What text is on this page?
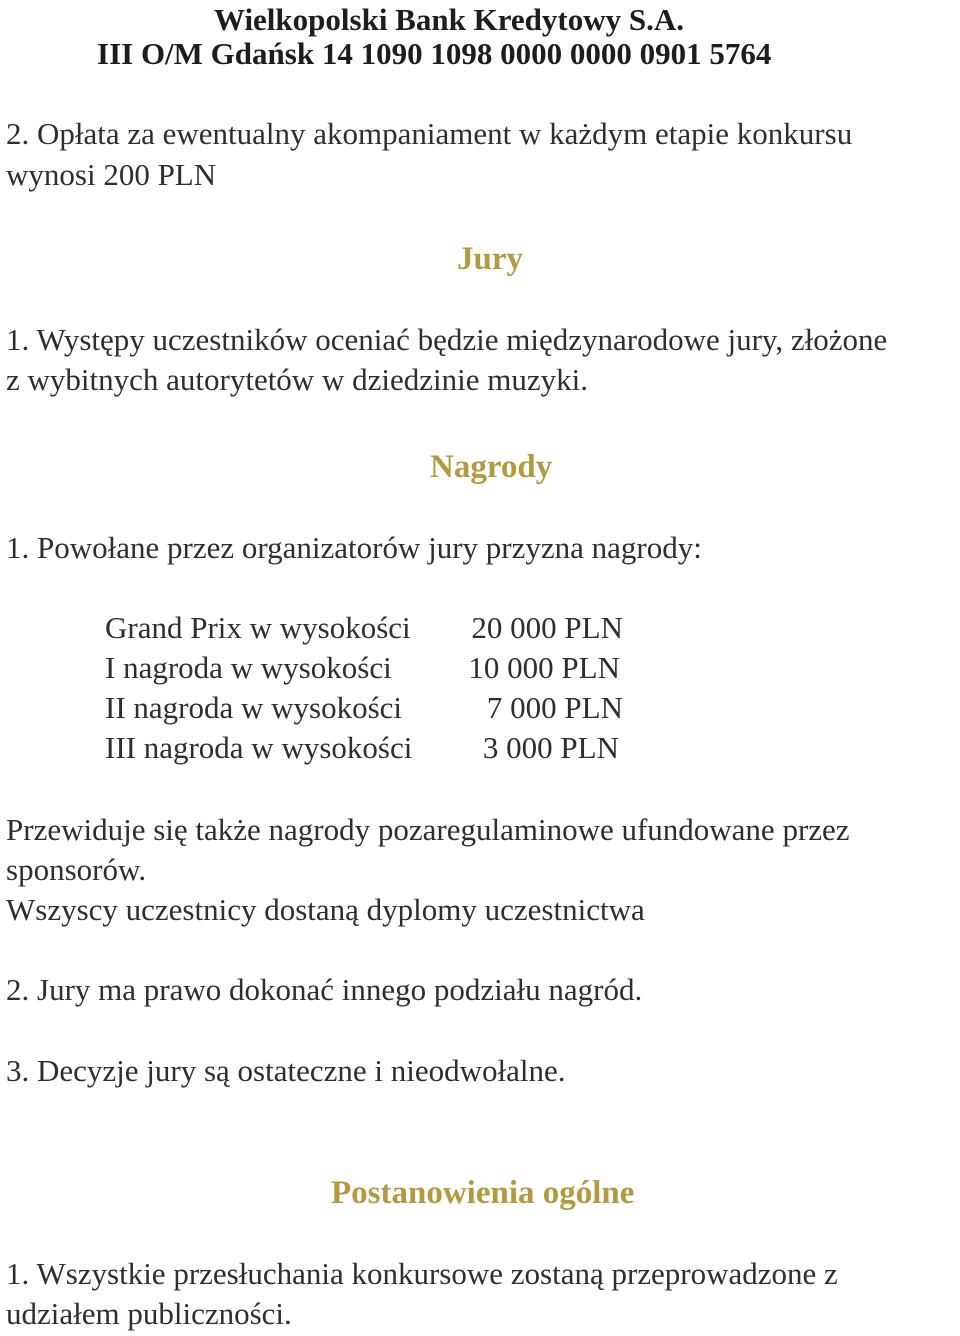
Wielkopolski Bank Kredytowy S.A.
III O/M Gdańsk 14 1090 1098 0000 0000 0901 5764
2. Opłata za ewentualny akompaniament w każdym etapie konkursu
wynosi 200 PLN
Jury
1. Występy uczestników oceniać będzie międzynarodowe jury, złożone
z wybitnych autorytetów w dziedzinie muzyki.
Nagrody
1. Powołane przez organizatorów jury przyzna nagrody:
Grand Prix w wysokości	20 000 PLN
I nagroda w wysokości	10 000 PLN
II nagroda w wysokości	7 000 PLN
III nagroda w wysokości	3 000 PLN
Przewiduje się także nagrody pozaregulaminowe ufundowane przez
sponsorów.
Wszyscy uczestnicy dostaną dyplomy uczestnictwa
2. Jury ma prawo dokonać innego podziału nagród.
3. Decyzje jury są ostateczne i nieodwołalne.
Postanowienia ogólne
1. Wszystkie przesłuchania konkursowe zostaną przeprowadzone z
udziałem publiczności.
